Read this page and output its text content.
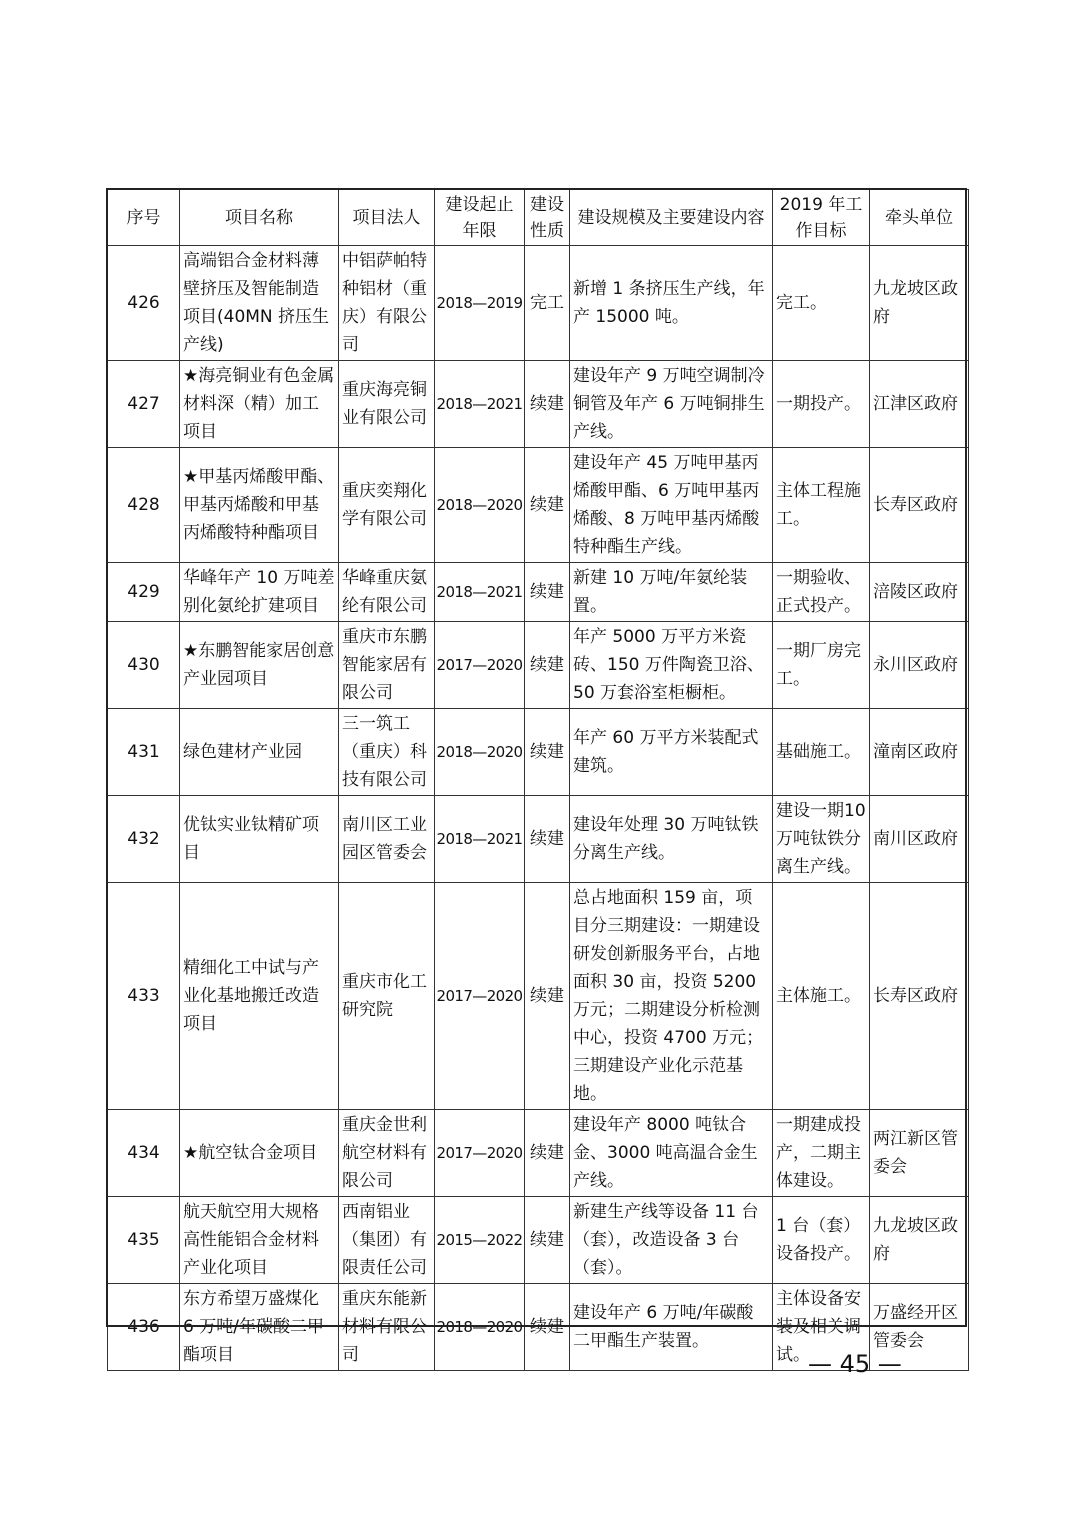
序号	项目名称	项目法人	建设起止年限	建设性质	建设规模及主要建设内容	2019 年工作目标	牵头单位
426	高端铝合金材料薄壁挤压及智能制造项目(40MN 挤压生产线)	中铝萨帕特种铝材（重庆）有限公司	2018—2019	完工	新增 1 条挤压生产线，年产 15000 吨。	完工。	九龙坡区政府
427	★海亮铜业有色金属材料深（精）加工项目	重庆海亮铜业有限公司	2018—2021	续建	建设年产 9 万吨空调制冷铜管及年产 6 万吨铜排生产线。	一期投产。	江津区政府
428	★甲基丙烯酸甲酯、甲基丙烯酸和甲基丙烯酸特种酯项目	重庆奕翔化学有限公司	2018—2020	续建	建设年产 45 万吨甲基丙烯酸甲酯、6 万吨甲基丙烯酸、8 万吨甲基丙烯酸特种酯生产线。	主体工程施工。	长寿区政府
429	华峰年产 10 万吨差别化氨纶扩建项目	华峰重庆氨纶有限公司	2018—2021	续建	新建 10 万吨/年氨纶装置。	一期验收、正式投产。	涪陵区政府
430	★东鹏智能家居创意产业园项目	重庆市东鹏智能家居有限公司	2017—2020	续建	年产 5000 万平方米瓷砖、150 万件陶瓷卫浴、50 万套浴室柜橱柜。	一期厂房完工。	永川区政府
431	绿色建材产业园	三一筑工（重庆）科技有限公司	2018—2020	续建	年产 60 万平方米装配式建筑。	基础施工。	潼南区政府
432	优钛实业钛精矿项目	南川区工业园区管委会	2018—2021	续建	建设年处理 30 万吨钛铁分离生产线。	建设一期10万吨钛铁分离生产线。	南川区政府
433	精细化工中试与产业化基地搬迁改造项目	重庆市化工研究院	2017—2020	续建	总占地面积 159 亩，项目分三期建设：一期建设研发创新服务平台，占地面积 30 亩，投资 5200 万元；二期建设分析检测中心，投资 4700 万元；三期建设产业化示范基地。	主体施工。	长寿区政府
434	★航空钛合金项目	重庆金世利航空材料有限公司	2017—2020	续建	建设年产 8000 吨钛合金、3000 吨高温合金生产线。	一期建成投产，二期主体建设。	两江新区管委会
435	航天航空用大规格高性能铝合金材料产业化项目	西南铝业（集团）有限责任公司	2015—2022	续建	新建生产线等设备 11 台（套），改造设备 3 台（套）。	1 台（套）设备投产。	九龙坡区政府
436	东方希望万盛煤化 6 万吨/年碳酸二甲酯项目	重庆东能新材料有限公司	2018—2020	续建	建设年产 6 万吨/年碳酸二甲酯生产装置。	主体设备安装及相关调试。	万盛经开区管委会
— 45 —
